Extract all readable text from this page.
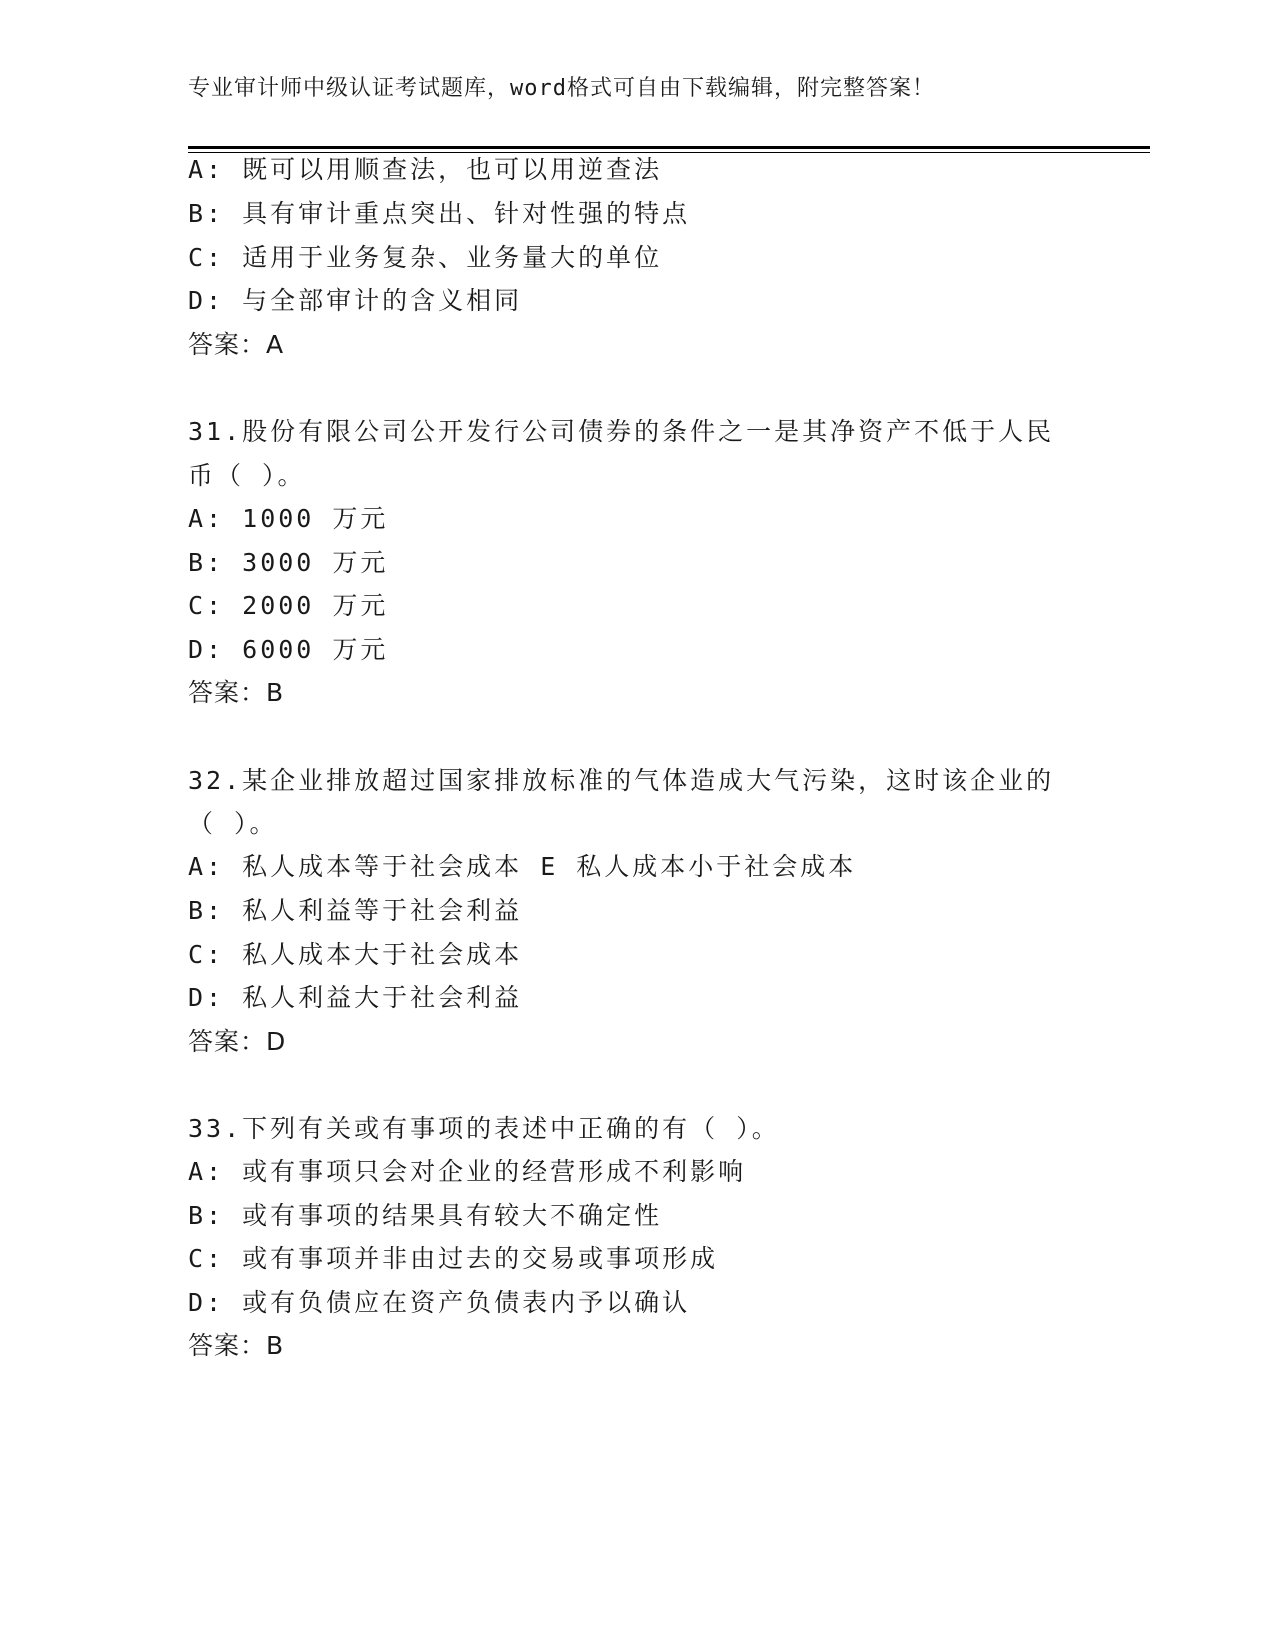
专业审计师中级认证考试题库，word格式可自由下载编辑，附完整答案！
A: 既可以用顺查法，也可以用逆查法
B: 具有审计重点突出、针对性强的特点
C: 适用于业务复杂、业务量大的单位
D: 与全部审计的含义相同
答案：A
31.股份有限公司公开发行公司债券的条件之一是其净资产不低于人民
币（ ）。
A: 1000 万元
B: 3000 万元
C: 2000 万元
D: 6000 万元
答案：B
32.某企业排放超过国家排放标准的气体造成大气污染，这时该企业的
（ ）。
A: 私人成本等于社会成本 E 私人成本小于社会成本
B: 私人利益等于社会利益
C: 私人成本大于社会成本
D: 私人利益大于社会利益
答案：D
33.下列有关或有事项的表述中正确的有（ ）。
A: 或有事项只会对企业的经营形成不利影响
B: 或有事项的结果具有较大不确定性
C: 或有事项并非由过去的交易或事项形成
D: 或有负债应在资产负债表内予以确认
答案：B
